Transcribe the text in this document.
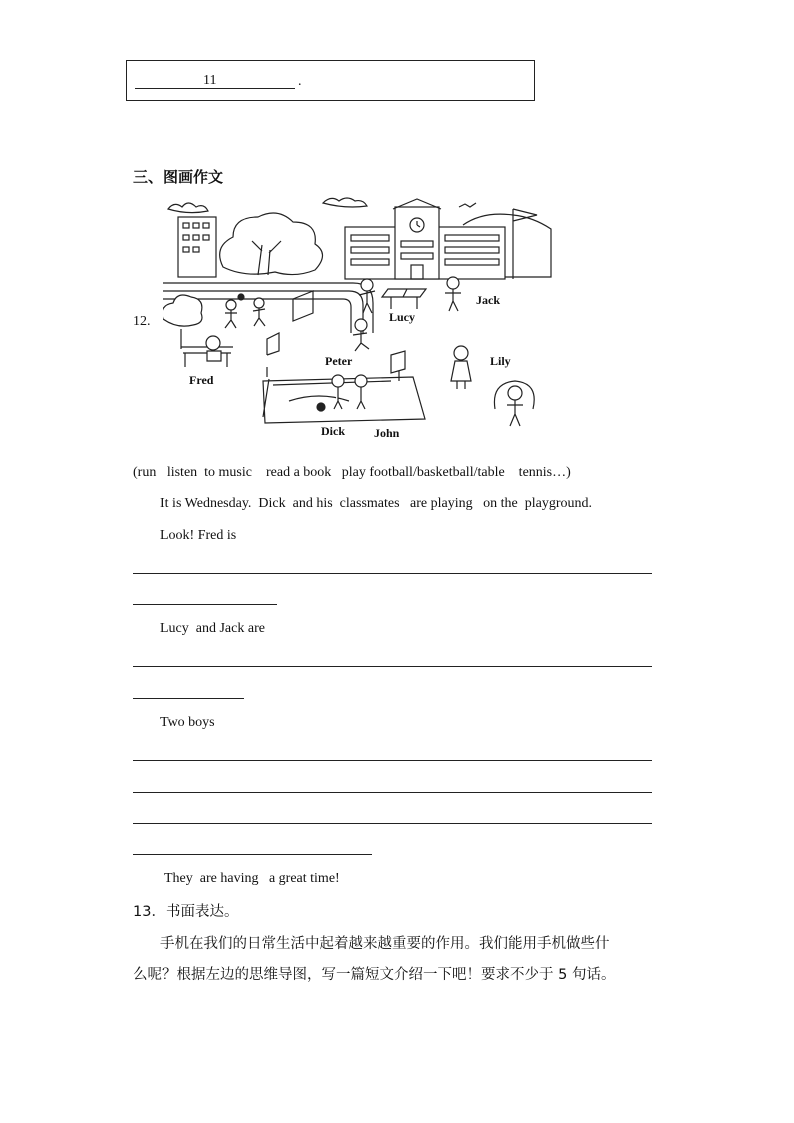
11	.
三、图画作文
12.
Jack
Lucy
Peter	Lily
Fred
Dick John
(run   listen  to music    read a book   play football/basketball/table    tennis…)
It is Wednesday.  Dick  and his  classmates   are playing   on the  playground.
Look! Fred is
Lucy  and Jack are
Two boys
They  are having   a great time!
13．书面表达。
手机在我们的日常生活中起着越来越重要的作用。我们能用手机做些什
么呢？根据左边的思维导图，写一篇短文介绍一下吧！要求不少于 5 句话。
